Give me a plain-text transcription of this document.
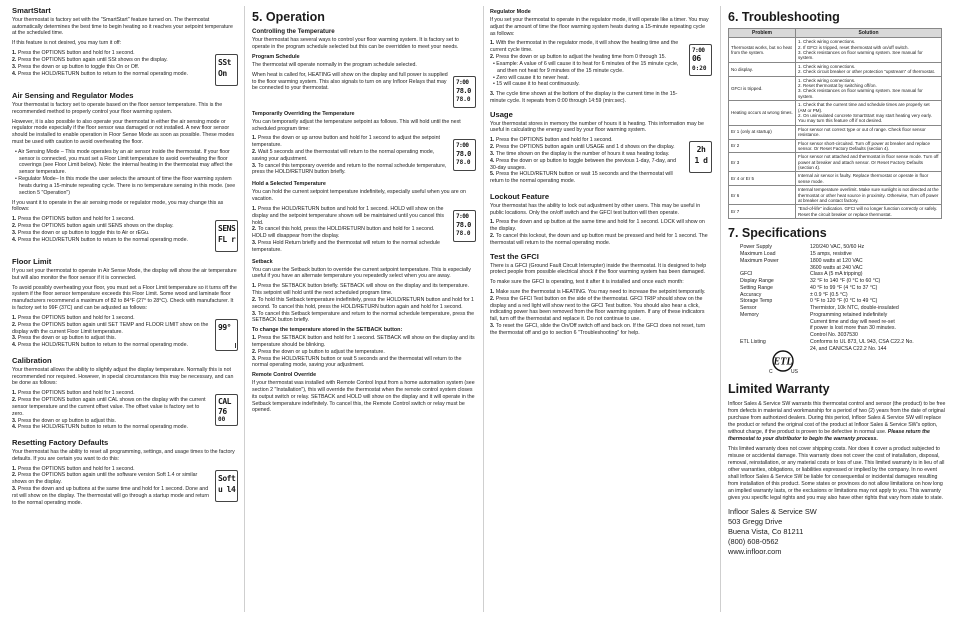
SmartStart

Your thermostat is factory set with the "SmartStart" feature turned on. The thermostat automatically determines the best time to begin heating so it reaches your setpoint temperature at the scheduled time.

If this feature is not desired, you may turn it off:

1. Press the OPTIONS button and hold for 1 second.
2. Press the OPTIONS button again until SSt shows on the display.
3. Press the down or up button to toggle this On or Off.
4. Press the HOLD/RETURN button to return to the normal operating mode.
SSt
On
Air Sensing and Regulator Modes

Your thermostat is factory set to operate based on the floor sensor temperature. This is the recommended method to properly control your floor warming system.

However, it is also possible to also operate your thermostat in either the air sensing mode or regulator mode especially if the floor sensor was damaged or not installed. A new floor sensor should be installed to enable operation in Floor Sense Mode as soon as possible. These modes must be used with caution to avoid overheating the floor.

• Air Sensing Mode – This mode operates by an air sensor inside the thermostat. If your floor sensor is connected, you must set a Floor Limit temperature to avoid overheating the floor coverings (see Floor Limit below). Note: the internal heating in the thermostat may affect the sensor temperature.
• Regulator Mode– In this mode the user selects the amount of time the floor warming system heats during a 15-minute repeating cycle. There is no temperature sensing in this mode. (see section 5 "Operation")

If you want it to operate in the air sensing mode or regulator mode, you may change this as follows:

1. Press the OPTIONS button and hold for 1 second.
2. Press the OPTIONS button again until SENS shows on the display.
3. Press the down or up button to toggle this to Air or rEGu.
4. Press the HOLD/RETURN button to return to the normal operating mode.
SENS
FL r
Floor Limit

If you set your thermostat to operate in Air Sense Mode, the display will show the air temperature but will also monitor the floor sensor if it is connected.

To avoid possibly overheating your floor, you must set a Floor Limit temperature so it turns off the system if the floor sensor temperature exceeds this Floor Limit. Some wood and laminate floor manufacturers recommend a maximum of 82 to 84°F (27° to 28°C). Check with manufacturer. It is factory set to 99F (37C) and can be adjusted as follows:

1. Press the OPTIONS button and hold for 1 second.
2. Press the OPTIONS button again until SET TEMP and FLOOR LIMIT show on the display with the current Floor Limit temperature.
3. Press the down or up button to adjust this.
4. Press the HOLD/RETURN button to return to the normal operating mode.
99°
Calibration

Your thermostat allows the ability to slightly adjust the display temperature. Normally this is not recommended nor required. However, in special circumstances this may be necessary, and can be done as follows:

1. Press the OPTIONS button and hold for 1 second.
2. Press the OPTIONS button again until CAL shows on the display with the current sensor temperature and the current offset value. The offset value is factory set to zero.
3. Press the down or up button to adjust this.
4. Press the HOLD/RETURN button to return to the normal operating mode.
CAL
76
00
Resetting Factory Defaults

Your thermostat has the ability to reset all programming, settings, and usage times to the factory defaults. If you are certain you want to do this:

1. Press the OPTIONS button and hold for 1 second.
2. Press the OPTIONS button again until the software version Soft 1.4 or similar shows on the display.
3. Press the down and up buttons at the same time and hold for 1 second. Done and rst will show on the display. The thermostat will go through a startup mode and return to the normal operating mode.
Soft
u l4
5. Operation
Controlling the Temperature

Your thermostat has several ways to control your floor warming system. It is factory set to operate in the program schedule selected but this can be overridden to meet your needs.

Program Schedule

The thermostat will operate normally in the program schedule selected.

When heat is called for, HEATING will show on the display and full power is supplied to the floor warming system. This also signals to turn on any Infloor Relays that may be connected to your thermostat.

7:00
78.0
78.0
Temporarily Overriding the Temperature

You can temporarily adjust the temperature setpoint as follows. This will hold until the next scheduled program time:

1. Press the down or up arrow button and hold for 1 second to adjust the setpoint temperature.
2. Wait 5 seconds and the thermostat will return to the normal operating mode, saving your adjustment.
3. To cancel this temporary override and return to the normal schedule temperature, press the HOLD/RETURN button briefly.
7:00
78.0
78.0
Hold a Selected Temperature

You can hold the current setpoint temperature indefinitely, especially useful when you are on vacation.

1. Press the HOLD/RETURN button and hold for 1 second. HOLD will show on the display and the setpoint temperature shown will be maintained until you cancel this hold.
2. To cancel this hold, press the HOLD/RETURN button and hold for 1 second. HOLD will disappear from the display.
3. Press Hold Return briefly and the thermostat will return to the normal schedule temperature.
7:00
78.0
78.0
Setback

You can use the Setback button to override the current setpoint temperature. This is especially useful if you have an alternate temperature you repeatedly select when you are away.

1. Press the SETBACK button briefly. SETBACK will show on the display and its temperature. This setpoint will hold until the next scheduled program time.
2. To hold this Setback temperature indefinitely, press the HOLD/RETURN button and hold for 1 second. To cancel this hold, press the HOLD/RETURN button again and hold for 1 second.
3. To cancel this Setback temperature and return to the normal schedule temperature, press the SETBACK button briefly.
To change the temperature stored in the SETBACK button:
1. Press the SETBACK button and hold for 1 second. SETBACK will show on the display and its temperature should be blinking.
2. Press the down or up button to adjust the temperature.
3. Press the HOLD/RETURN button or wait 5 seconds and the thermostat will return to the normal operating mode, saving your adjustment.
Remote Control Override

If your thermostat was installed with Remote Control Input from a home automation system (see section 2 "Installation"), this will override the thermostat when the remote control system closes its output switch or relay. SETBACK and HOLD will show on the display and it will operate in the Setback temperature indefinitely. To cancel this, the Remote Control switch or relay must be opened.

Regulator Mode

If you set your thermostat to operate in the regulator mode, it will operate like a timer. You may adjust the amount of time the floor warming system heats during a 15-minute repeating cycle as follows:

1. With the thermostat in the regulator mode, it will show the heating time and the current cycle time.
2. Press the down or up button to adjust the heating time from 0 through 15.
• Example: A value of 6 will cause it to heat for 6 minutes of the 15 minute cycle, and then not heat for 9 minutes of the 15 minute cycle.
• Zero will cause it to never heat.
• 15 will cause it to heat continuously.
3. The cycle time shown at the bottom of the display is the current time in the 15-minute cycle. It repeats from 0:00 through 14:59 (min:sec).
7:00
06
0:20
Usage

Your thermostat stores in memory the number of hours it is heating. This information may be useful in calculating the energy used by your floor warming system.

1. Press the OPTIONS button and hold for 1 second.
2. Press the OPTIONS button again until USAGE and 1 d shows on the display.
3. The time shown on the display is the number of hours it was heating today.
4. Press the down or up button to toggle between the previous 1-day, 7-day, and 30-day usages.
5. Press the HOLD/RETURN button or wait 15 seconds and the thermostat will return to the normal operating mode.
2h
1 d
Lockout Feature

Your thermostat has the ability to lock out adjustment by other users. This may be useful in public locations. Only the on/off switch and the GFCI test button will then operate.

1. Press the down and up button at the same time and hold for 1 second. LOCK will show on the display.
2. To cancel this lockout, the down and up button must be pressed and held for 1 second. The thermostat will return to the normal operating mode.
Test the GFCI

There is a GFCI (Ground Fault Circuit Interrupter) inside the thermostat. It is designed to help protect people from possible electrical shock if the floor warming system has been damaged.

To make sure the GFCI is operating, test it after it is installed and once each month:

1. Make sure the thermostat is HEATING. You may need to increase the setpoint temporarily.
2. Press the GFCI Test button on the side of the thermostat. GFCI TRIP should show on the display and a red light will show next to the GFCI Test button. You should also hear a click, indicating power has been removed from the floor warming system. If any of these indicators fail, turn off the thermostat and replace it. Do not continue to use.
3. To reset the GFCI, slide the On/Off switch off and back on. If the GFCI does not reset, turn the thermostat off and go to section 6 "Troubleshooting" for help.
6. Troubleshooting
Problem	Solution
Thermostat works, but no heat from the system.	1. Check wiring connections.
2. If GFCI is tripped, reset thermostat with on/off switch.
3. Check resistances on floor warming system. See manual for system.
No display.	1. Check wiring connections.
2. Check circuit breaker or other protection "upstream" of thermostat.
GFCI is tripped.	1. Check wiring connections.
2. Reset thermostat by switching off/on.
3. Check resistances on floor warming system. See manual for system.
Heating occurs at wrong times.	1. Check that the current time and schedule times are properly set (AM or PM).
2. On uninsulated concrete SmartStart may start heating very early. You may turn this feature off if not desired.
Er 1 (only at startup)	Floor sensor not correct type or out of range. Check floor sensor resistance.
Er 2	Floor sensor short-circuited. Turn off power at breaker and replace sensor. Or Reset Factory Defaults (section 4).
Er 3	Floor sensor not attached and thermostat in floor sense mode. Turn off power at breaker and attach sensor. Or Reset Factory Defaults (section 4).
Er 4 or Er 5	Internal air sensor is faulty. Replace thermostat or operate in floor sense mode.
Er 6	Internal temperature overlimit. Make sure sunlight is not directed at the thermostat or other heat source in proximity. Otherwise, Turn off power at breaker and contact factory.
Er 7	"End-of-life" indication. GFCI will no longer function correctly or safely. Reset the circuit breaker or replace thermostat.
7. Specifications
Power Supply	120/240 VAC, 50/60 Hz
Maximum Load	15 amps, resistive
Maximum Power	1800 watts at 120 VAC
3600 watts at 240 VAC
GFCI	Class A (5 mA tripping)
Display Range	32 °F to 140 °F (0 °C to 60 °C)
Setting Range	40 °F to 99 °F (4 °C to 37 °C)
Accuracy	± 0.9 °F (0.5 °C)
Storage Temp	0 °F to 120 °F (0 °C to 49 °C)
Sensor	Thermistor, 10k NTC, double-insulated
Memory	Programming retained indefinitely
Current time and day will need re-set
if power is lost more than 30 minutes.
Control No. 3037530
ETL Listing	Conforms to UL 873, UL 943, CSA C22.2 No.
24, and CAN/CSA C22.2 No. 144
ETL
C	US
Limited Warranty

Infloor Sales & Service SW warrants this thermostat control and sensor (the product) to be free from defects in material and workmanship for a period of two (2) years from the date of original purchase from authorized dealers. During this period, Infloor Sales & Service SW will replace the product or refund the original cost of the product at Infloor Sales & Service SW's option, without charge, if the product is proven to be defective in normal use. Please return the thermostat to your distributor to begin the warranty process.

This limited warranty does not cover shipping costs. Nor does it cover a product subjected to misuse or accidental damage. This warranty does not cover the cost of installation, disposal, removal, reinstallation, or any material costs or loss of use. This limited warranty is in lieu of all other warranties, obligations, or liabilities expressed or implied by the company. In no event shall Infloor Sales & Service SW be liable for consequential or incidental damages resulting from installation of this product. Some states or provinces do not allow limitations on how long an implied warranty lasts, or the exclusions or limitations may not apply to you. This warranty gives you specific legal rights and you may also have other rights that vary from state to state.

Infloor Sales & Service SW
503 Gregg Drive
Buena Vista, Co 81211
(800) 608-0562
www.infloor.com
